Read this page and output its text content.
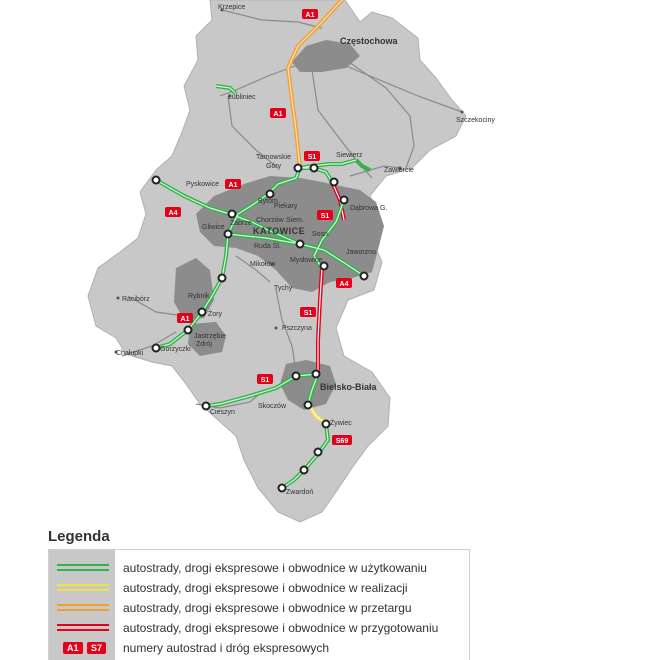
Krzepice
Częstochowa
Lubliniec
Szczekociny
Tarnowskie
Góry
Siewierz
Zawiercie
Pyskowice
Bytom
Piekary	Dąbrowa G.
Zabrze Chorzów Siem.
Gliwice	KATOWICE Sosn.
Ruda Śl.
Jaworzno
Mikołów
Mysłowice
Tychy
Racibórz	Rybnik
Żory
Jastrzębie
Zdrój
Pszczyna
Chałupki
Gorzyczki
Bielsko-Biała
Cieszyn
Skoczów
Żywiec
Zwardoń
A1
A1
S1
A1
A4	S1
A4
S1
A1
S1
S69
Legenda
autostrady, drogi ekspresowe i obwodnice w użytkowaniu
autostrady, drogi ekspresowe i obwodnice w realizacji
autostrady, drogi ekspresowe i obwodnice w przetargu
autostrady, drogi ekspresowe i obwodnice w przygotowaniu
A1	S7	numery autostrad i dróg ekspresowych
